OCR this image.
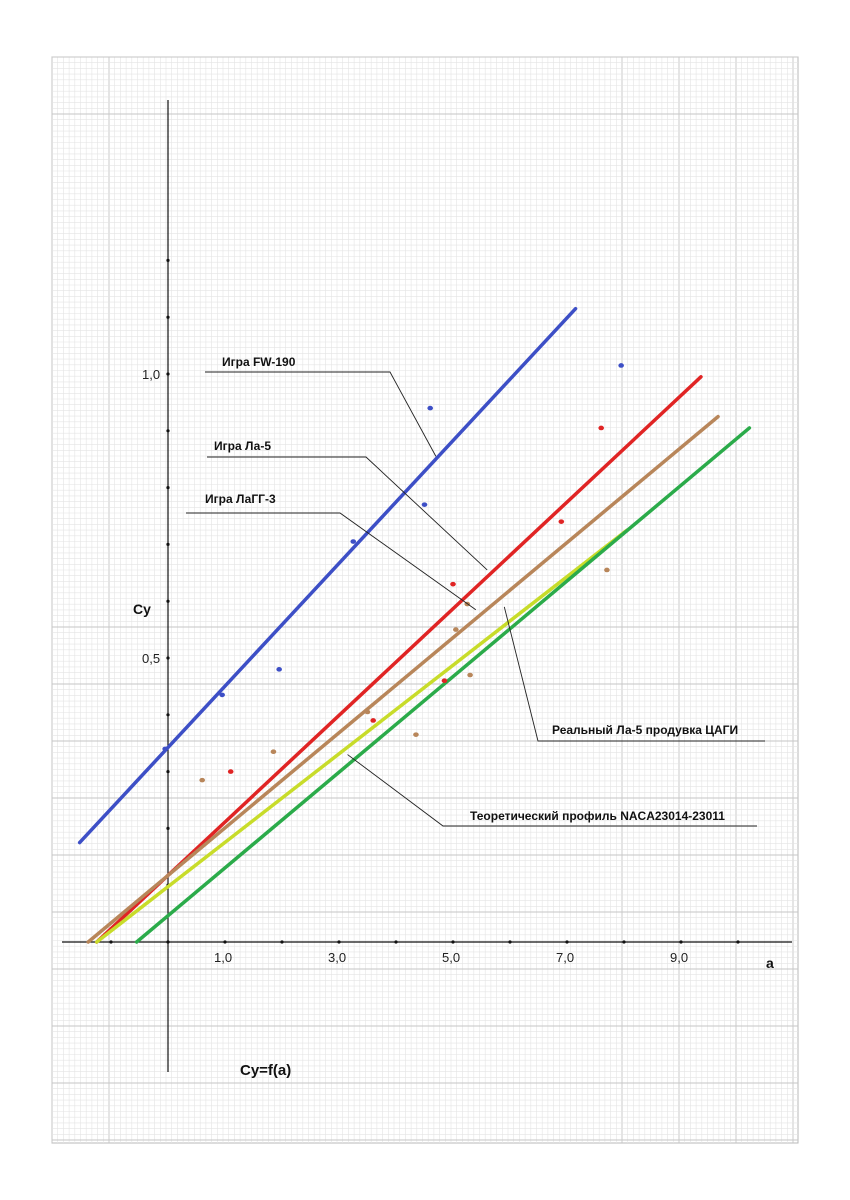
1,0	3,0	5,0	7,0	9,0
0,5
1,0
Cy
a
Cy=f(a)
Игра FW-190
Игра Ла-5
Игра ЛаГГ-3
Реальный Ла-5 продувка ЦАГИ
Теоретический профиль NACA23014-23011
